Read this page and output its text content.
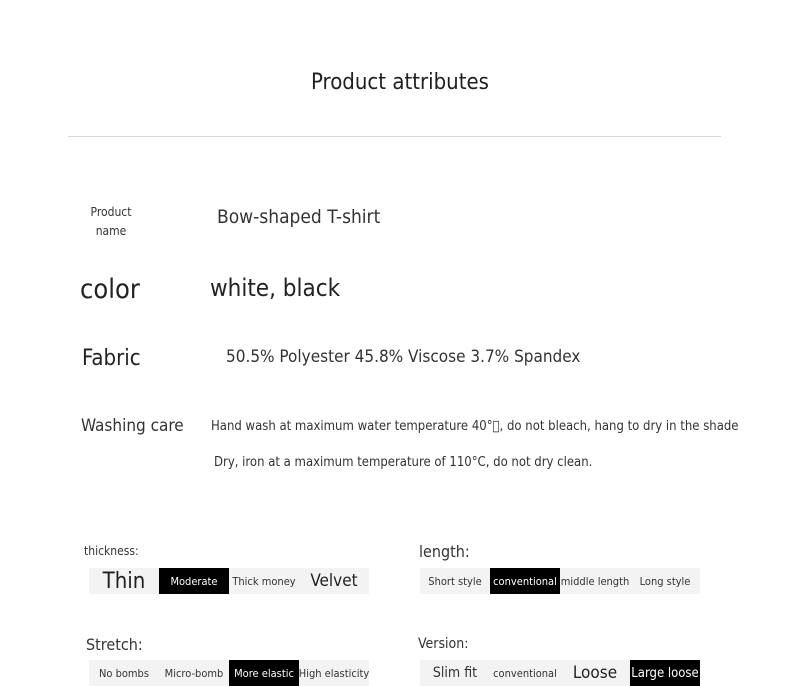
Product attributes
Product name
Bow-shaped T-shirt
color	white, black
Fabric	50.5% Polyester 45.8% Viscose 3.7% Spandex
Washing care Hand wash at maximum water temperature 40° , do not bleach, hang to dry in the shade
Dry, iron at a maximum temperature of 110°C, do not dry clean.
thickness:
Thin	Moderate	Thick money Velvet
length:
Short style	conventional middle length Long style
Stretch:
No bombs	Micro-bomb More elastic High elasticity
Version:
Slim fit	conventional Loose	Large loose
